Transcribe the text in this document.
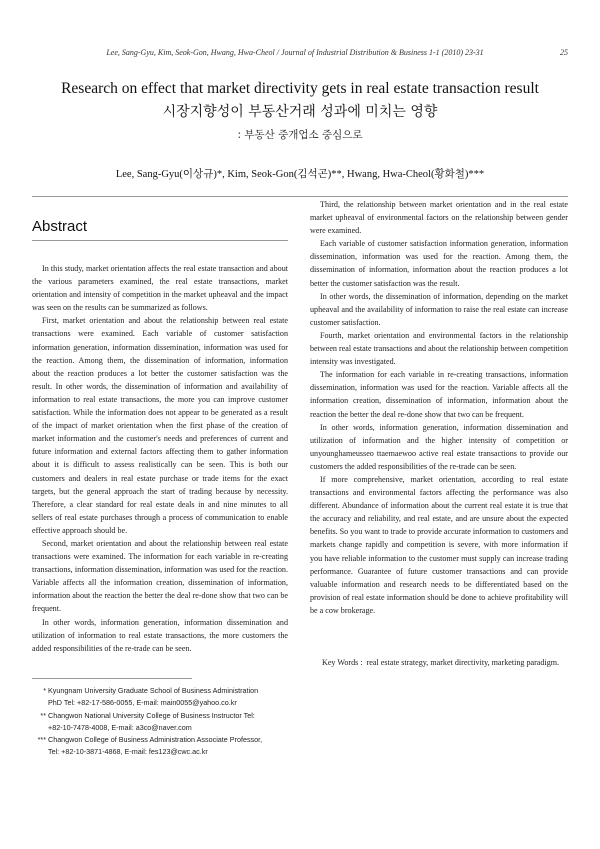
Lee, Sang-Gyu, Kim, Seok-Gon, Hwang, Hwa-Cheol / Journal of Industrial Distribution & Business 1-1 (2010) 23-31	25
Research on effect that market directivity gets in real estate transaction result
시장지향성이 부동산거래 성과에 미치는 영향
: 부동산 중개업소 중심으로
Lee, Sang-Gyu(이상규)*, Kim, Seok-Gon(김석곤)**, Hwang, Hwa-Cheol(황화철)***
Abstract

In this study, market orientation affects the real estate transaction and about the various parameters examined, the real estate transactions, market orientation and intensity of competition in the market upheaval and the impact was seen on the results can be summarized as follows.

First, market orientation and about the relationship between real estate transactions were examined. Each variable of customer satisfaction information generation, information dissemination, information was used for the reaction. Among them, the dissemination of information, information about the reaction produces a lot better the customer satisfaction was the result. In other words, the dissemination of information and availability of information to real estate transactions, the more you can improve customer satisfaction. While the information does not appear to be generated as a result of the impact of market orientation when the first phase of the creation of market information and the customer's needs and preferences of current and future information and external factors affecting them to gather information about it is difficult to assess realistically can be seen. This is both our customers and dealers in real estate purchase or trade items for the exact targets, but the general approach the start of trading because by necessity. Therefore, a clear standard for real estate deals in and nine minutes to all sellers of real estate purchases through a process of communication to enable effective approach should be.

Second, market orientation and about the relationship between real estate transactions were examined. The information for each variable in re-creating transactions, information dissemination, information was used for the reaction. Variable affects all the information creation, dissemination of information, information about the reaction the better the deal re-done show that two can be frequent.

In other words, information generation, information dissemination and utilization of information to real estate transactions, the more customers the added responsibilities of the re-trade can be seen.

Third, the relationship between market orientation and in the real estate market upheaval of environmental factors on the relationship between gender were examined.

Each variable of customer satisfaction information generation, information dissemination, information was used for the reaction. Among them, the dissemination of information, information about the reaction produces a lot better the customer satisfaction was the result.

In other words, the dissemination of information, depending on the market upheaval and the availability of information to raise the real estate can increase customer satisfaction.

Fourth, market orientation and environmental factors in the relationship between real estate transactions and about the relationship between competition intensity was investigated.

The information for each variable in re-creating transactions, information dissemination, information was used for the reaction. Variable affects all the information creation, dissemination of information, information about the reaction the better the deal re-done show that two can be frequent.

In other words, information generation, information dissemination and utilization of information and the higher intensity of competition or unyounghameusseo ttaemaewoo active real estate transactions to provide our customers the added responsibilities of the re-trade can be seen.

If more comprehensive, market orientation, according to real estate transactions and environmental factors affecting the performance was also different. Abundance of information about the current real estate it is true that the accuracy and reliability, and real estate, and are unsure about the expected benefits. So you want to trade to provide accurate information to customers and markets change rapidly and competition is severe, with more information if you have reliable information to the customer must supply can increase trading performance. Guarantee of future customer transactions and can provide valuable information and research needs to be differentiated based on the provision of real estate information should be done to achieve profitability will be a cow brokerage.

Key Words : real estate strategy, market directivity, marketing paradigm.
* Kyungnam University Graduate School of Business Administration
PhD Tel: +82-17-586-0055, E-mail: main0055@yahoo.co.kr
** Changwon National University College of Business Instructor Tel:
+82-10-7478-4008, E-mail: a3co@naver.com
*** Changwon College of Business Administration Associate Professor,
Tel: +82-10-3871-4868, E-mail: fes123@cwc.ac.kr
